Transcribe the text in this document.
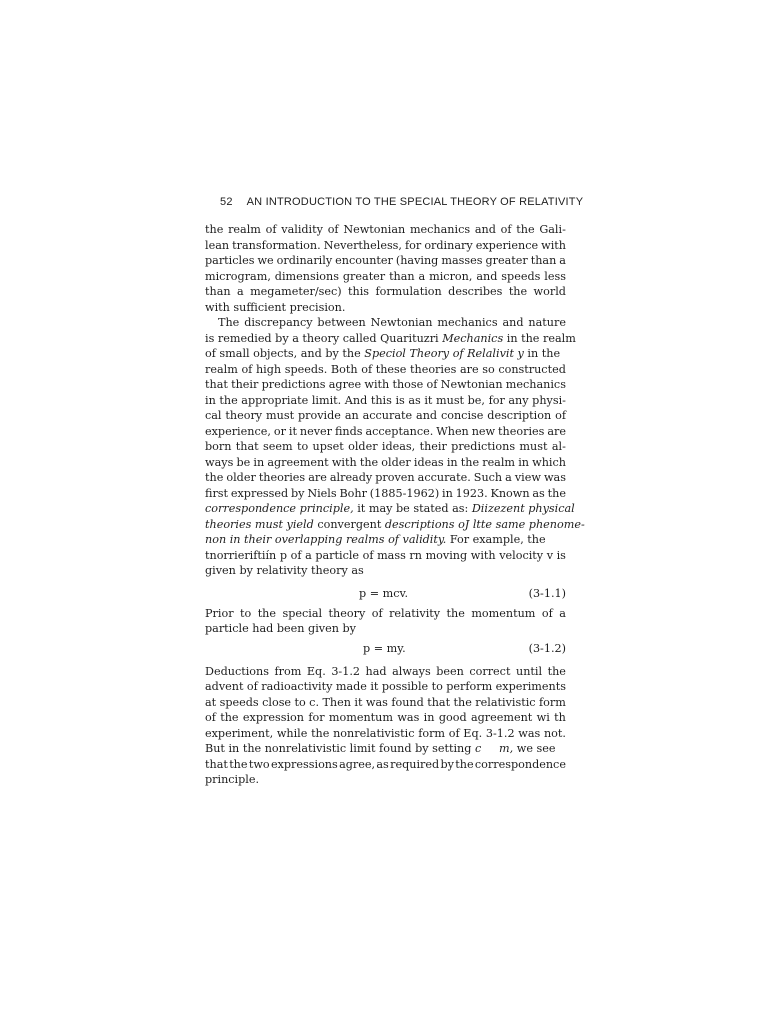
52 AN INTRODUCTION TO THE SPECIAL THEORY OF RELATIVITY
the realm of validity of Newtonian mechanics and of the Gali-
lean transformation. Nevertheless, for ordinary experience with
particles we ordinarily encounter (having masses greater than a
microgram, dimensions greater than a micron, and speeds less
than a megameter/sec) this formulation describes the world
with sufficient precision.
The discrepancy between Newtonian mechanics and nature
is remedied by a theory called Quarituzri Mechanics in the realm
of small objects, and by the Speciol Theory of Relalivit y in the
realm of high speeds. Both of these theories are so constructed
that their predictions agree with those of Newtonian mechanics
in the appropriate limit. And this is as it must be, for any physi-
cal theory must provide an accurate and concise description of
experience, or it never finds acceptance. When new theories are
born that seem to upset older ideas, their predictions must al-
ways be in agreement with the older ideas in the realm in which
the older theories are already proven accurate. Such a view was
first expressed by Niels Bohr (1885-1962) in 1923. Known as the
correspondence principle, it may be stated as: Diizezent physical
theories must yield convergent descriptions oJ ltte same phenome-
non in their overlapping realms of validity. For example, the
tnorrieriftiín p of a particle of mass rn moving with velocity v is
given by relativity theory as
p = mcv.	(3-1.1)
Prior to the special theory of relativity the momentum of a
particle had been given by
p = my.	(3-1.2)
Deductions from Eq. 3-1.2 had always been correct until the
advent of radioactivity made it possible to perform experiments
at speeds close to c. Then it was found that the relativistic form
of the expression for momentum was in good agreement wi th
experiment, while the nonrelativistic form of Eq. 3-1.2 was not.
But in the nonrelativistic limit found by setting c m, we see
that the two expressions agree, as required by the correspondence
principle.
